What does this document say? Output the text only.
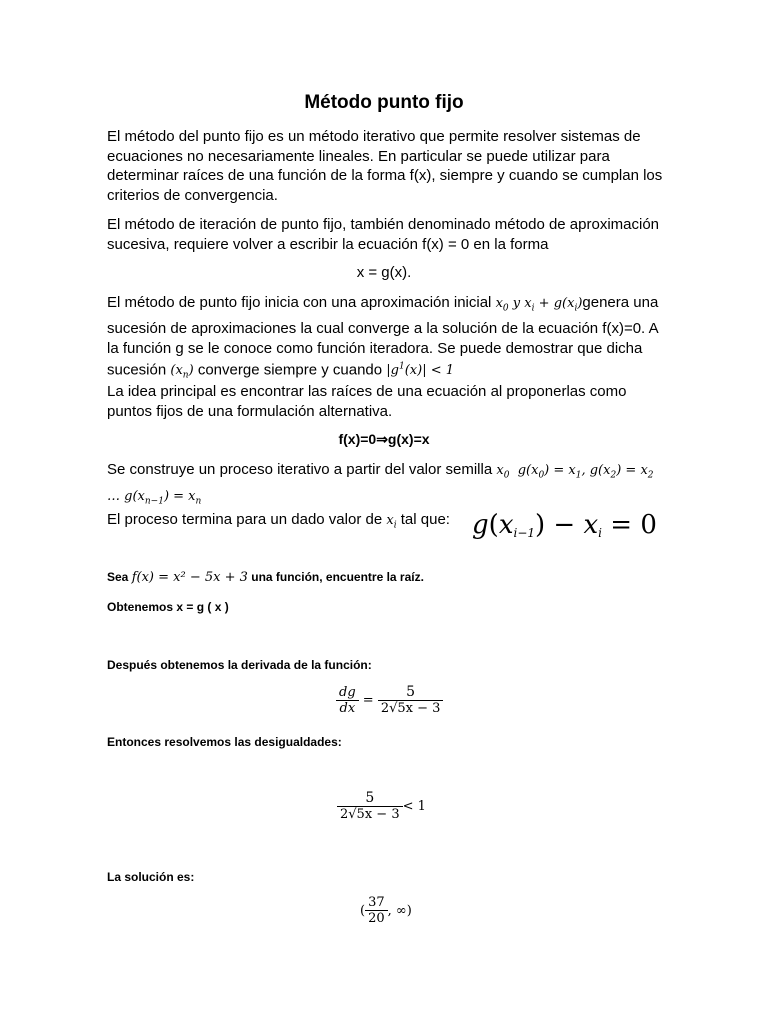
Método punto fijo
El método del punto fijo es un método iterativo que permite resolver sistemas de ecuaciones no necesariamente lineales. En particular se puede utilizar para determinar raíces de una función de la forma f(x), siempre y cuando se cumplan los criterios de convergencia.
El método de iteración de punto fijo, también denominado método de aproximación sucesiva, requiere volver a escribir la ecuación f(x) = 0 en la forma
x = g(x).
El método de punto fijo inicia con una aproximación inicial $x_0$ y $x_i$ + $g(x_i)genera$ una sucesión de aproximaciones la cual converge a la solución de la ecuación f(x)=0. A la función g se le conoce como función iteradora. Se puede demostrar que dicha sucesión $(x_n)$ converge siempre y cuando $|g^1(x)| < 1$
La idea principal es encontrar las raíces de una ecuación al proponerlas como puntos fijos de una formulación alternativa.
f(x)=0⇒g(x)=x
Se construye un proceso iterativo a partir del valor semilla $x_0$ $g(x_0) = x_1$, $g(x_2) = x_2$ … $g(x_{n-1}) = x_n$
El proceso termina para un dado valor de $x_i$ tal que: $g(x_{i-1}) - x_i = 0$
Sea f(x) = x² − 5x + 3 una función, encuentre la raíz.
Obtenemos x = g ( x )
Después obtenemos la derivada de la función:
$\frac{dg}{dx} = \frac{5}{2√5x - 3}$
Entonces resolvemos las desigualdades:
$\frac{5}{2√5x - 3} < 1$
La solución es:
( $\frac{37}{20}$ , ∞)
